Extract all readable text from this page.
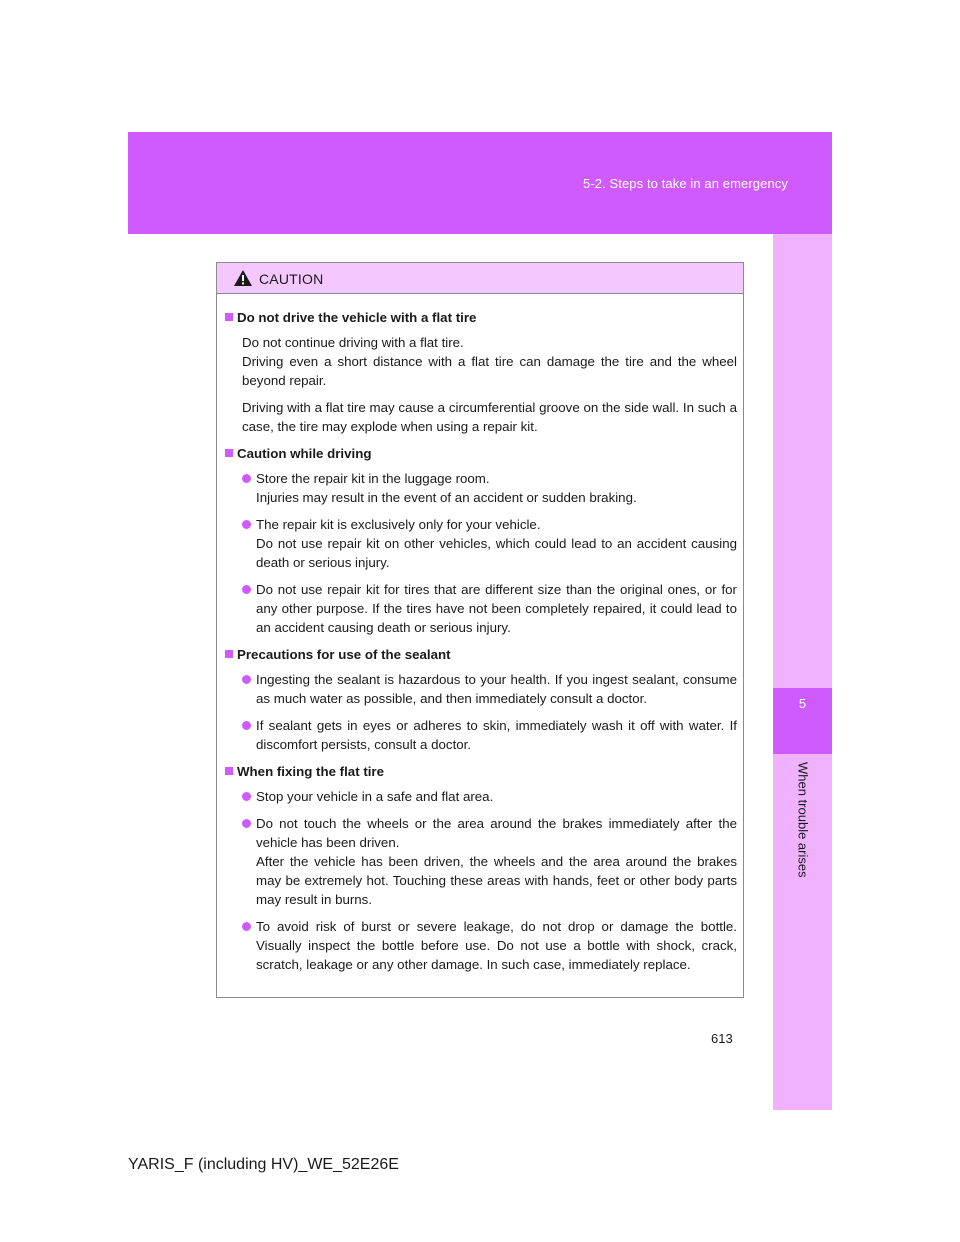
5-2. Steps to take in an emergency
5
When trouble arises
CAUTION
Do not drive the vehicle with a flat tire
Do not continue driving with a flat tire.
Driving even a short distance with a flat tire can damage the tire and the wheel beyond repair.
Driving with a flat tire may cause a circumferential groove on the side wall. In such a case, the tire may explode when using a repair kit.
Caution while driving
Store the repair kit in the luggage room.
Injuries may result in the event of an accident or sudden braking.
The repair kit is exclusively only for your vehicle.
Do not use repair kit on other vehicles, which could lead to an accident causing death or serious injury.
Do not use repair kit for tires that are different size than the original ones, or for any other purpose. If the tires have not been completely repaired, it could lead to an accident causing death or serious injury.
Precautions for use of the sealant
Ingesting the sealant is hazardous to your health. If you ingest sealant, consume as much water as possible, and then immediately consult a doctor.
If sealant gets in eyes or adheres to skin, immediately wash it off with water. If discomfort persists, consult a doctor.
When fixing the flat tire
Stop your vehicle in a safe and flat area.
Do not touch the wheels or the area around the brakes immediately after the vehicle has been driven.
After the vehicle has been driven, the wheels and the area around the brakes may be extremely hot. Touching these areas with hands, feet or other body parts may result in burns.
To avoid risk of burst or severe leakage, do not drop or damage the bottle. Visually inspect the bottle before use. Do not use a bottle with shock, crack, scratch, leakage or any other damage. In such case, immediately replace.
613
YARIS_F (including HV)_WE_52E26E
